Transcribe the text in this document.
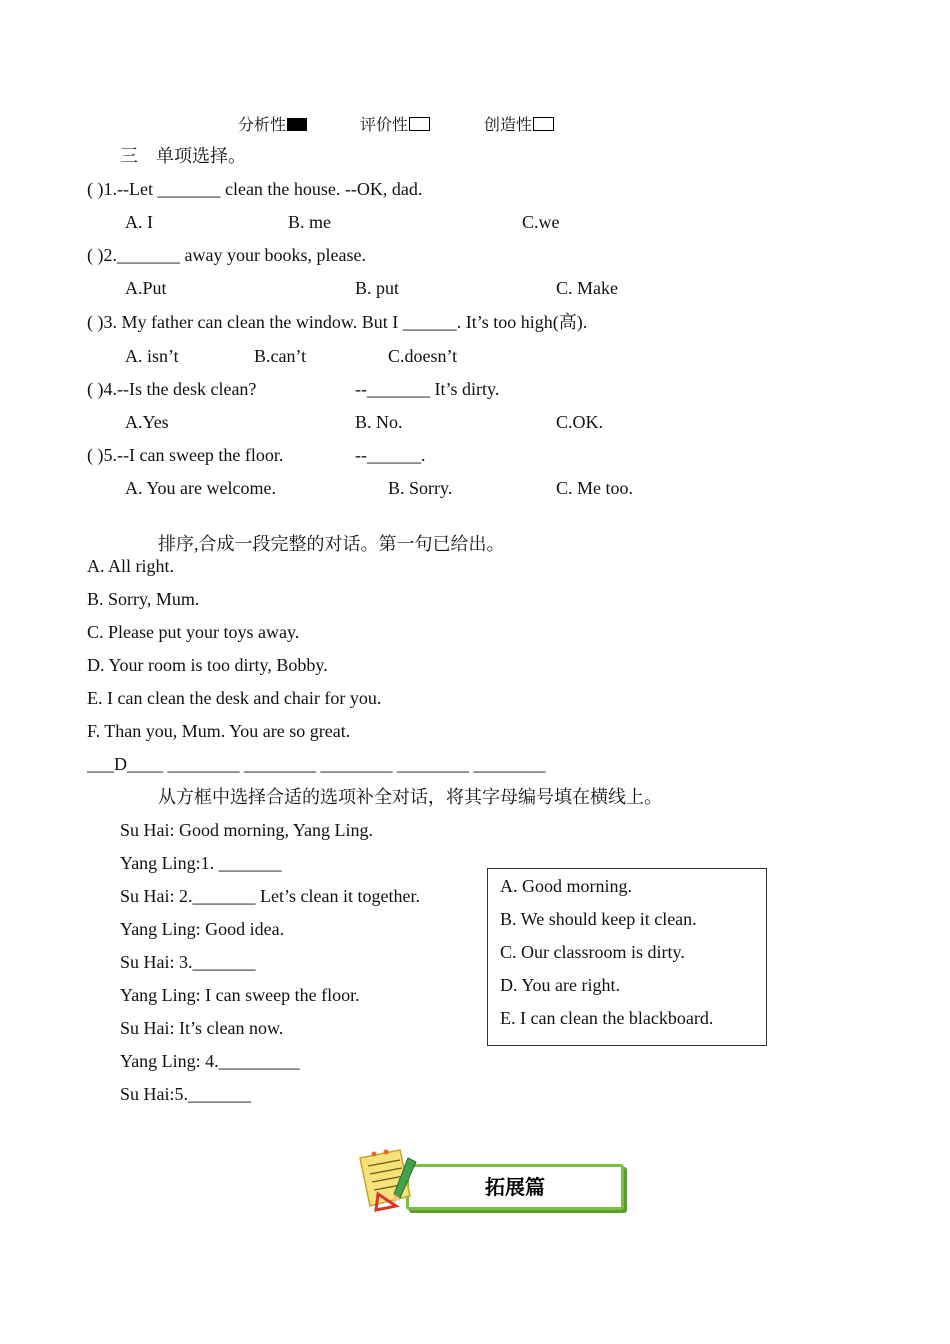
分析性	评价性	创造性
三　单项选择。
( )1.--Let _______ clean the house. --OK, dad.
A. I	B. me	C.we
( )2._______ away your books, please.
A.Put	B. put	C. Make
( )3. My father can clean the window. But I ______. It’s too high(高).
A. isn’t	B.can’t	C.doesn’t
( )4.--Is the desk clean?	--_______ It’s dirty.
A.Yes	B. No.	C.OK.
( )5.--I can sweep the floor.	--______.
A. You are welcome.	B. Sorry.	C. Me too.
排序,合成一段完整的对话。第一句已给出。
A. All right.
B. Sorry, Mum.
C. Please put your toys away.
D. Your room is too dirty, Bobby.
E. I can clean the desk and chair for you.
F. Than you, Mum. You are so great.
___D____ ________ ________ ________ ________ ________
从方框中选择合适的选项补全对话，将其字母编号填在横线上。
Su Hai: Good morning, Yang Ling.
Yang Ling:1. _______
Su Hai: 2._______ Let’s clean it together.
Yang Ling: Good idea.
Su Hai: 3._______
Yang Ling: I can sweep the floor.
Su Hai: It’s clean now.
Yang Ling: 4._________
Su Hai:5._______
A. Good morning.
B. We should keep it clean.
C. Our classroom is dirty.
D. You are right.
E. I can clean the blackboard.
拓展篇
